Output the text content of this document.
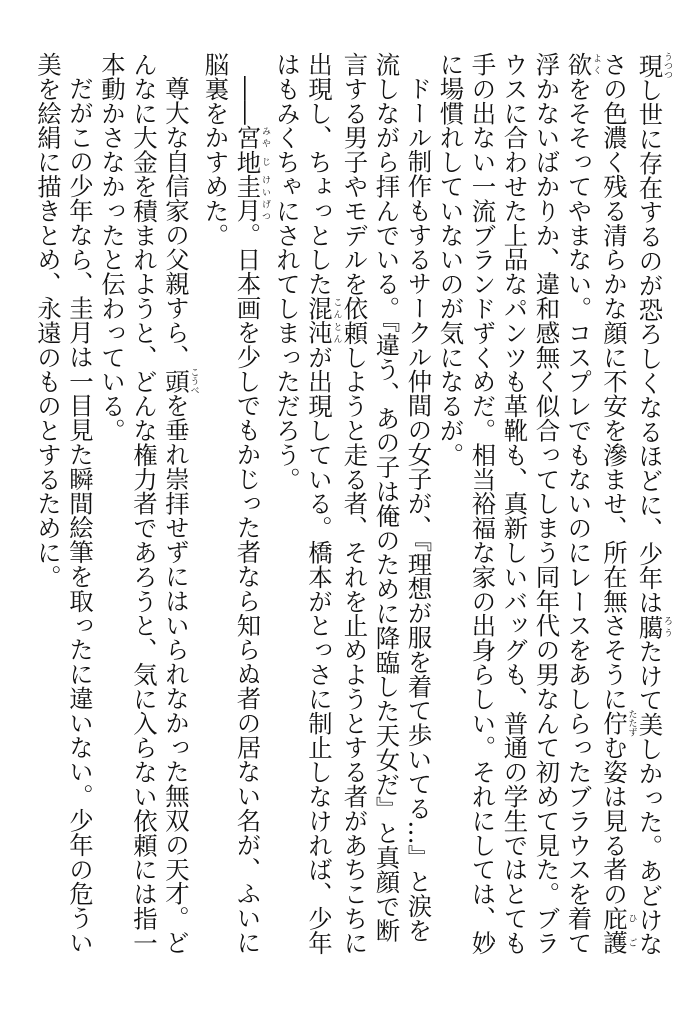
現うつつし世に存在するのが恐ろしくなるほどに、少年は臈ろうたけて美しかった。あどけなさの色濃く残る清らかな顔に不安を滲ませ、所在無さそうに佇たたずむ姿は見る者の庇ひ護ご欲よくをそそってやまない。コスプレでもないのにレースをあしらったブラウスを着て浮かないばかりか、違和感無く似合ってしまう同年代の男なんて初めて見た。ブラウスに合わせた上品なパンツも革靴も、真新しいバッグも、普通の学生ではとても手の出ない一流ブランドずくめだ。相当裕福な家の出身らしい。それにしては、妙に場慣れしていないのが気になるが。

ドール制作もするサークル仲間の女子が、『理想が服を着て歩いてる…』と涙を流しながら拝んでいる。『違う、あの子は俺のために降臨した天女だ』と真顔で断言する男子やモデルを依頼しようと走る者、それを止めようとする者があちこちに出現し、ちょっとした混こん沌とんが出現している。橋本がとっさに制止しなければ、少年はもみくちゃにされてしまっただろう。

――宮みや地じ圭けい月げつ。日本画を少しでもかじった者なら知らぬ者の居ない名が、ふいに脳裏をかすめた。

尊大な自信家の父親すら、頭こうべを垂れ崇拝せずにはいられなかった無双の天才。どんなに大金を積まれようと、どんな権力者であろうと、気に入らない依頼には指一本動かさなかったと伝わっている。

だがこの少年なら、圭月は一目見た瞬間絵筆を取ったに違いない。少年の危うい美を絵絹に描きとめ、永遠のものとするために。
